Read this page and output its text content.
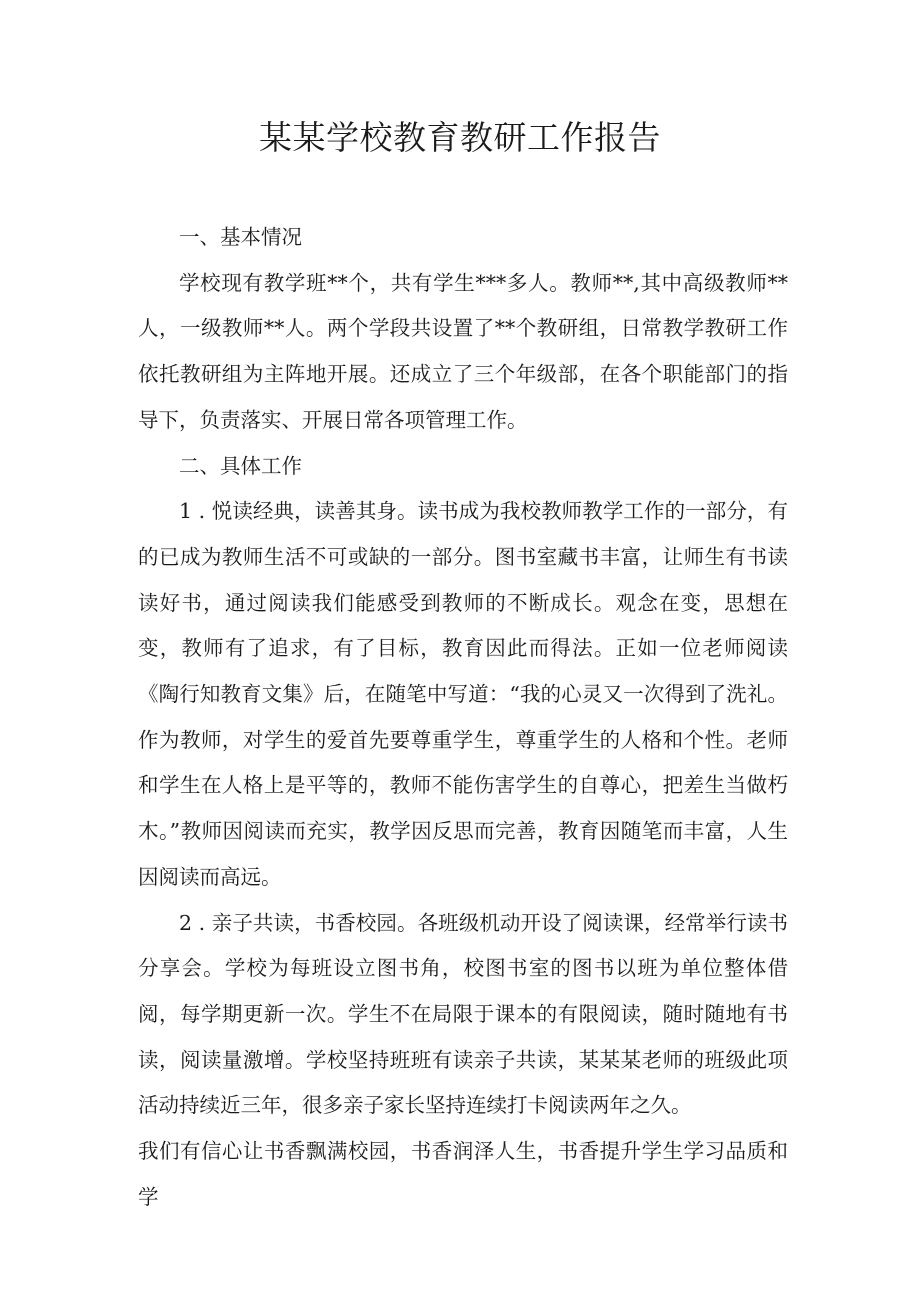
某某学校教育教研工作报告

一、基本情况

学校现有教学班**个，共有学生***多人。教师**,其中高级教师**人，一级教师**人。两个学段共设置了**个教研组，日常教学教研工作依托教研组为主阵地开展。还成立了三个年级部，在各个职能部门的指导下，负责落实、开展日常各项管理工作。

二、具体工作

1 . 悦读经典，读善其身。读书成为我校教师教学工作的一部分，有的已成为教师生活不可或缺的一部分。图书室藏书丰富，让师生有书读读好书，通过阅读我们能感受到教师的不断成长。观念在变，思想在变，教师有了追求，有了目标，教育因此而得法。正如一位老师阅读《陶行知教育文集》后，在随笔中写道：“我的心灵又一次得到了洗礼。作为教师，对学生的爱首先要尊重学生，尊重学生的人格和个性。老师和学生在人格上是平等的，教师不能伤害学生的自尊心，把差生当做朽木。”教师因阅读而充实，教学因反思而完善，教育因随笔而丰富，人生因阅读而高远。

2 . 亲子共读，书香校园。各班级机动开设了阅读课，经常举行读书分享会。学校为每班设立图书角，校图书室的图书以班为单位整体借阅，每学期更新一次。学生不在局限于课本的有限阅读，随时随地有书读，阅读量激增。学校坚持班班有读亲子共读，某某某老师的班级此项活动持续近三年，很多亲子家长坚持连续打卡阅读两年之久。

我们有信心让书香飘满校园，书香润泽人生，书香提升学生学习品质和学
